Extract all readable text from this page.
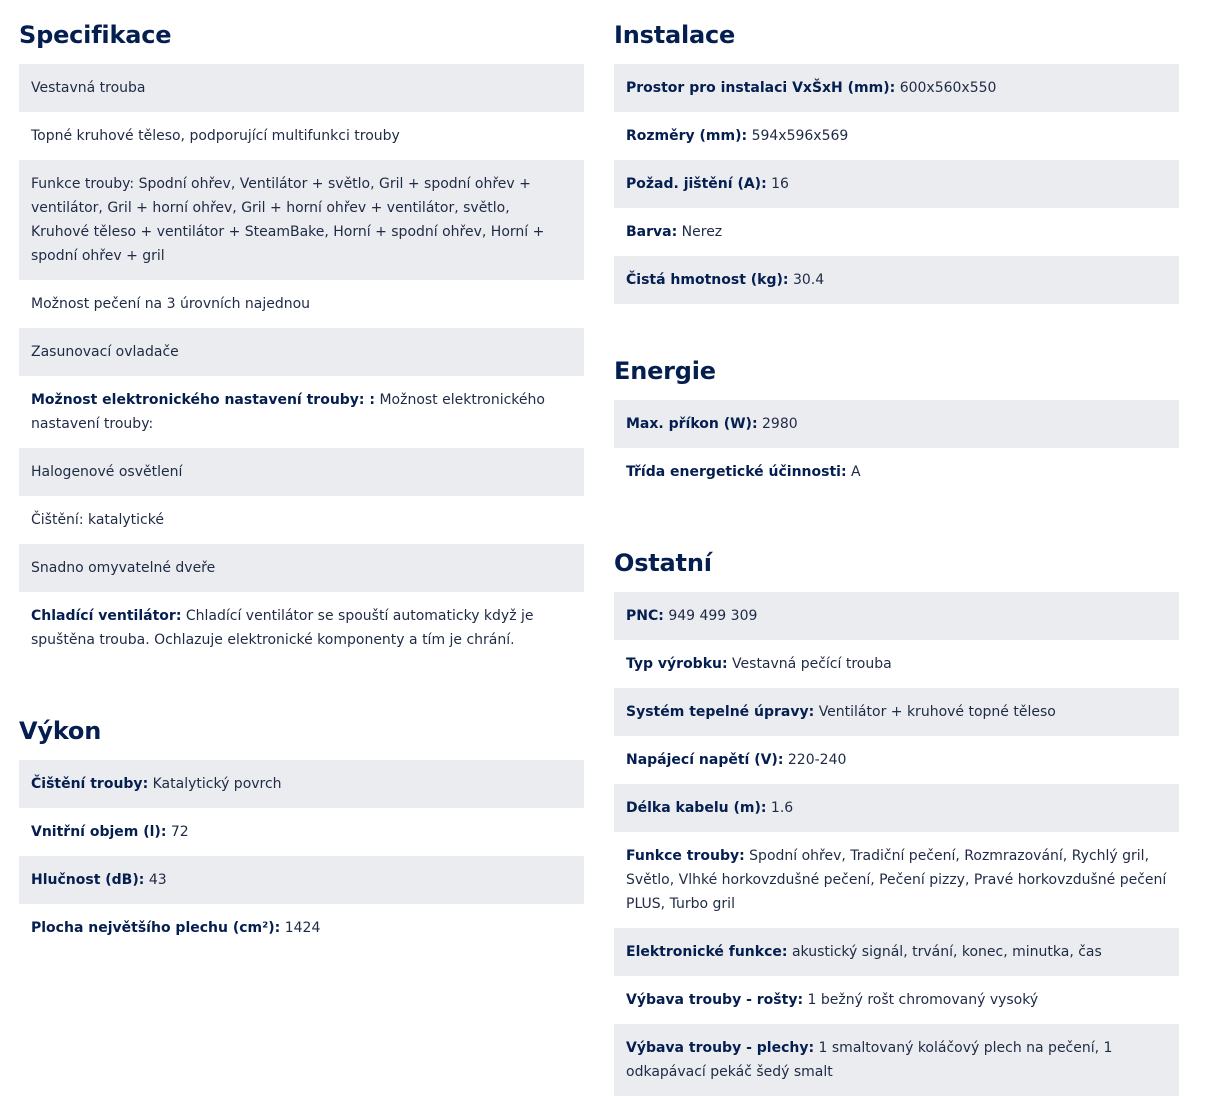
Specifikace
Vestavná trouba
Topné kruhové těleso, podporující multifunkci trouby
Funkce trouby: Spodní ohřev, Ventilátor + světlo, Gril + spodní ohřev + ventilátor, Gril + horní ohřev, Gril + horní ohřev + ventilátor, světlo, Kruhové těleso + ventilátor + SteamBake, Horní + spodní ohřev, Horní + spodní ohřev + gril
Možnost pečení na 3 úrovních najednou
Zasunovací ovladače
Možnost elektronického nastavení trouby: : Možnost elektronického nastavení trouby:
Halogenové osvětlení
Čištění: katalytické
Snadno omyvatelné dveře
Chladící ventilátor: Chladící ventilátor se spouští automaticky když je spuštěna trouba. Ochlazuje elektronické komponenty a tím je chrání.
Výkon
Čištění trouby: Katalytický povrch
Vnitřní objem (l): 72
Hlučnost (dB): 43
Plocha největšího plechu (cm²): 1424
Instalace
Prostor pro instalaci VxŠxH (mm): 600x560x550
Rozměry (mm): 594x596x569
Požad. jištění (A): 16
Barva: Nerez
Čistá hmotnost (kg): 30.4
Energie
Max. příkon (W): 2980
Třída energetické účinnosti: A
Ostatní
PNC: 949 499 309
Typ výrobku: Vestavná pečící trouba
Systém tepelné úpravy: Ventilátor + kruhové topné těleso
Napájecí napětí (V): 220-240
Délka kabelu (m): 1.6
Funkce trouby: Spodní ohřev, Tradiční pečení, Rozmrazování, Rychlý gril, Světlo, Vlhké horkovzdušné pečení, Pečení pizzy, Pravé horkovzdušné pečení PLUS, Turbo gril
Elektronické funkce: akustický signál, trvání, konec, minutka, čas
Výbava trouby - rošty: 1 bežný rošt chromovaný vysoký
Výbava trouby - plechy: 1 smaltovaný koláčový plech na pečení, 1 odkapávací pekáč šedý smalt
